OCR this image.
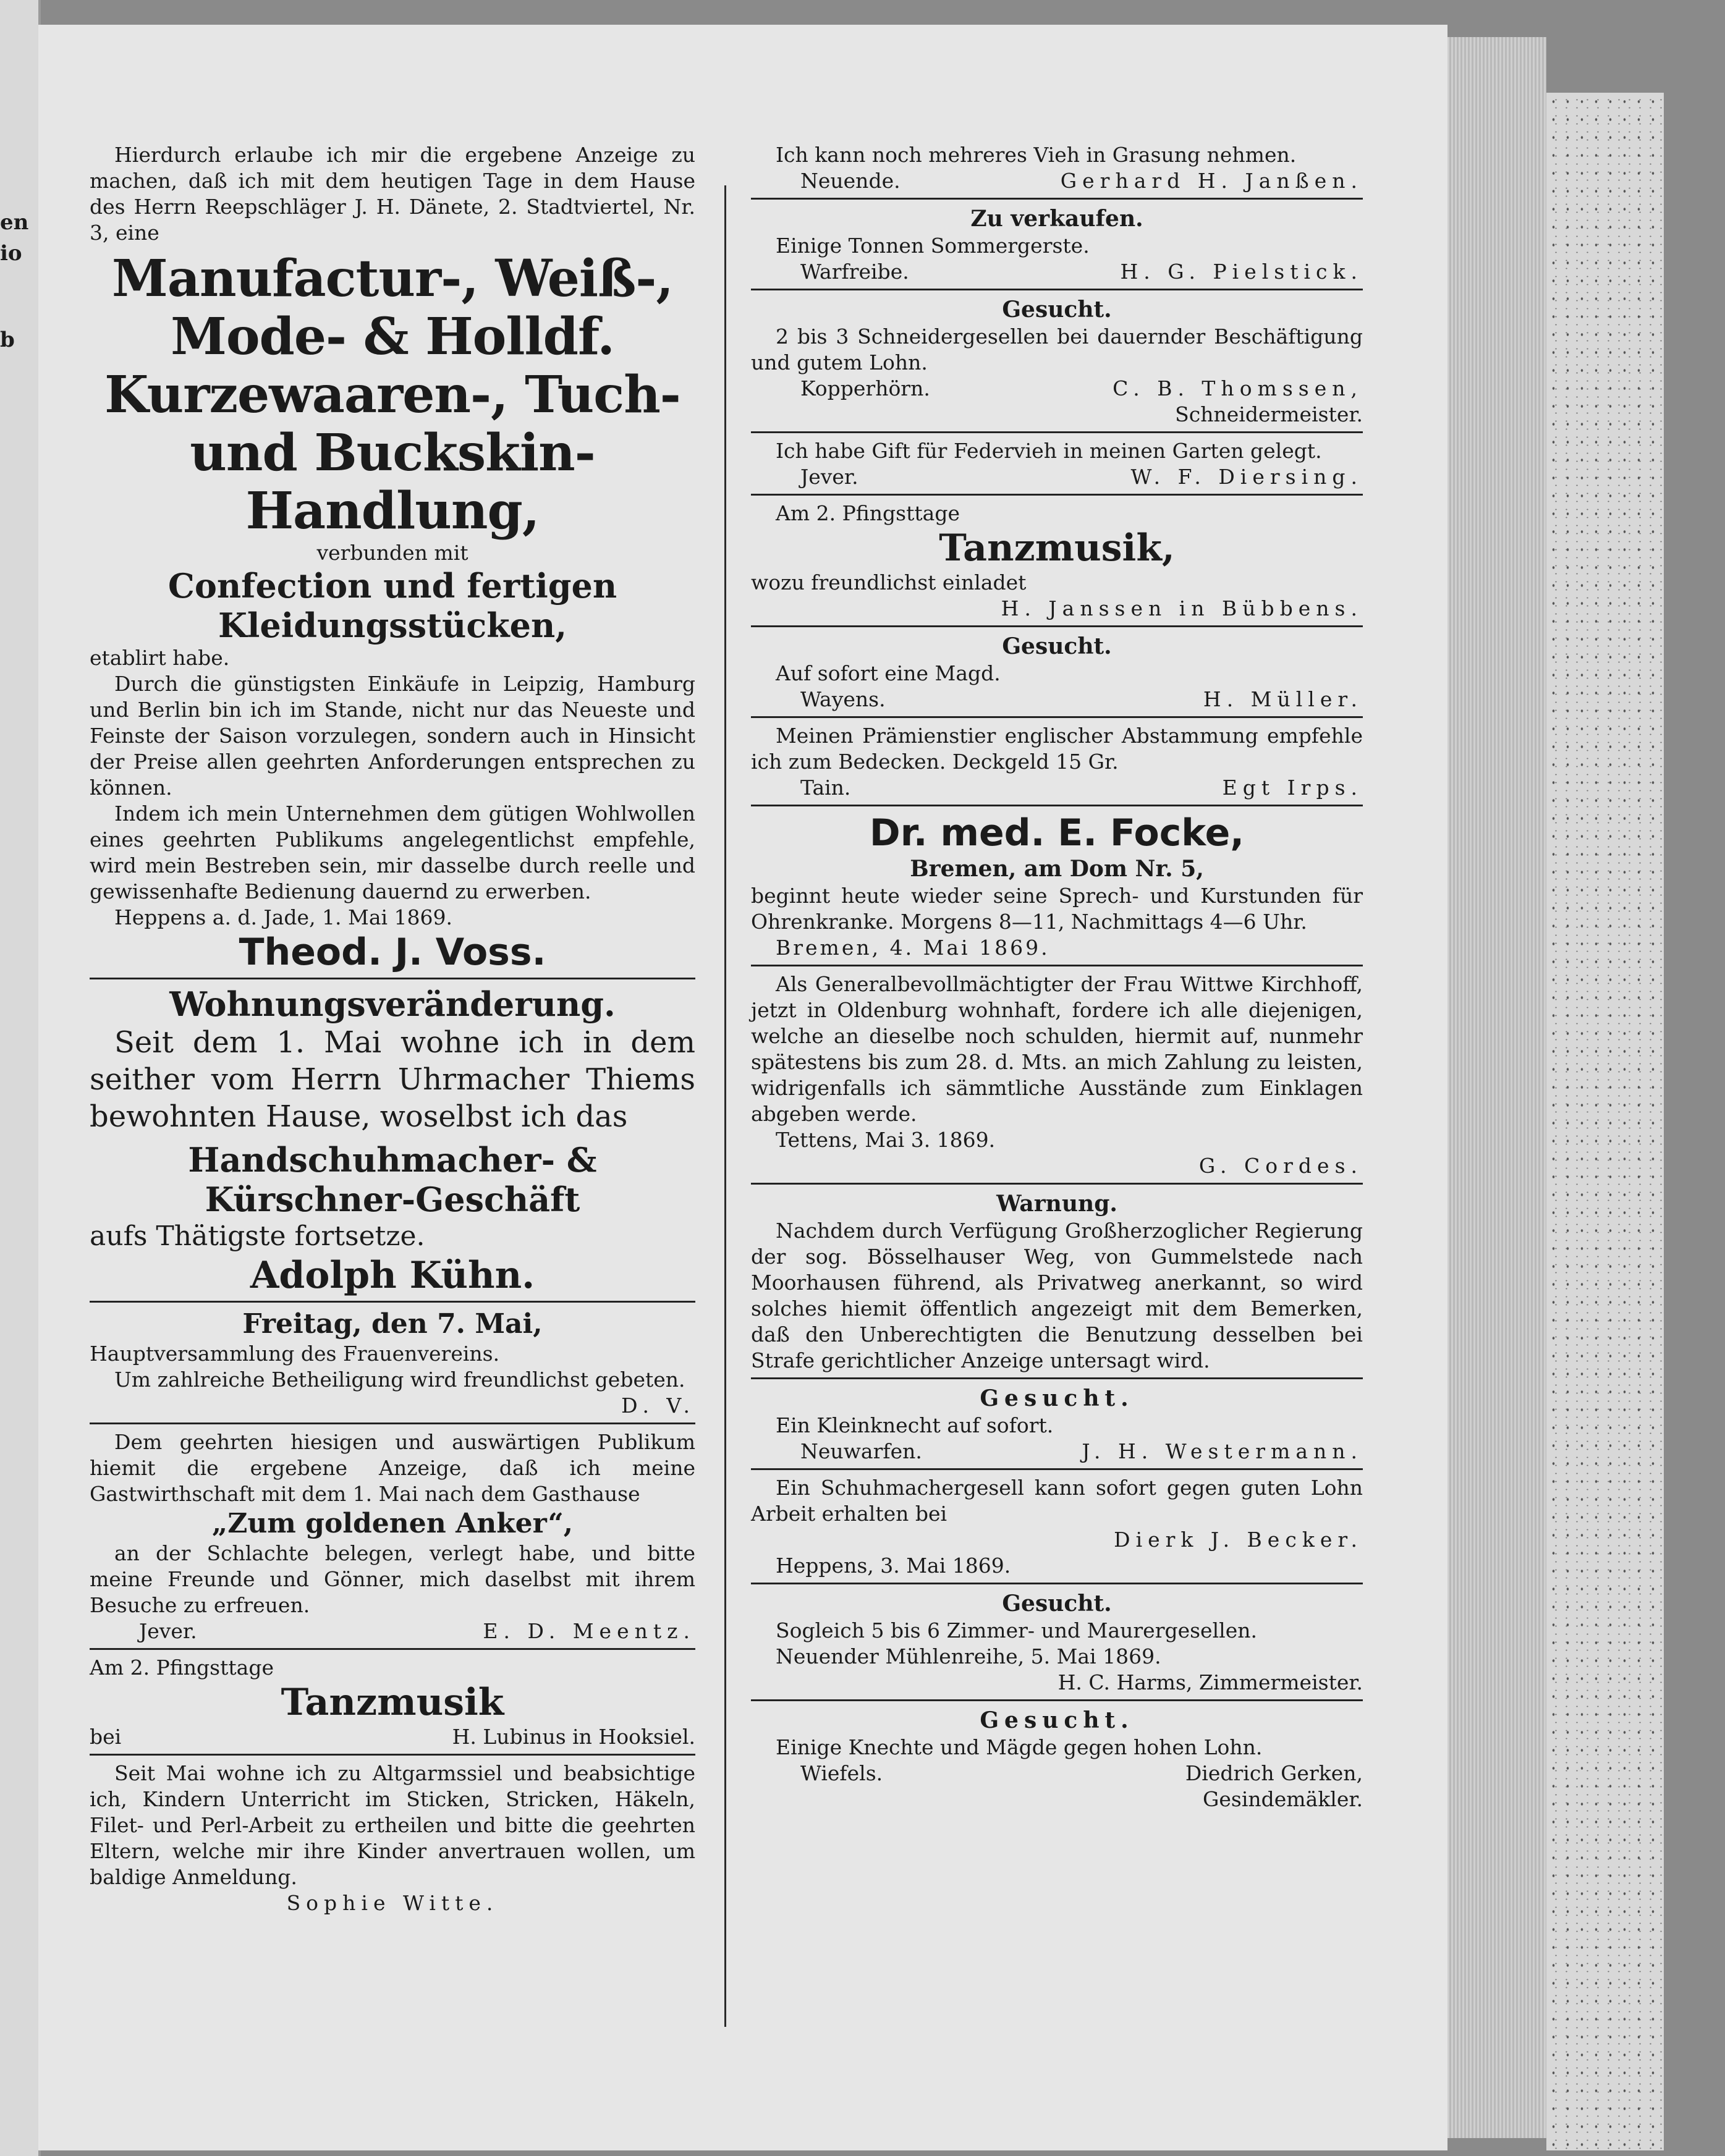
en
io
b

Hierdurch erlaube ich mir die ergebene Anzeige zu machen, daß ich mit dem heutigen Tage in dem Hause des Herrn Reepschläger J. H. Dänete, 2. Stadtviertel, Nr. 3, eine

Manufactur-, Weiß-, Mode- & Holldf. Kurzewaaren-, Tuch- und Buckskin-Handlung,

verbunden mit

Confection und fertigen Kleidungsstücken,

etablirt habe.

Durch die günstigsten Einkäufe in Leipzig, Hamburg und Berlin bin ich im Stande, nicht nur das Neueste und Feinste der Saison vorzulegen, sondern auch in Hinsicht der Preise allen geehrten Anforderungen entsprechen zu können.

Indem ich mein Unternehmen dem gütigen Wohlwollen eines geehrten Publikums angelegentlichst empfehle, wird mein Bestreben sein, mir dasselbe durch reelle und gewissenhafte Bedienung dauernd zu erwerben.

Heppens a. d. Jade, 1. Mai 1869.

Theod. J. Voss.

Wohnungsveränderung.

Seit dem 1. Mai wohne ich in dem seither vom Herrn Uhrmacher Thiems bewohnten Hause, woselbst ich das

Handschuhmacher- & Kürschner-Geschäft

aufs Thätigste fortsetze.

Adolph Kühn.

Freitag, den 7. Mai,

Hauptversammlung des Frauenvereins.

Um zahlreiche Betheiligung wird freundlichst gebeten.

D. V.

Dem geehrten hiesigen und auswärtigen Publikum hiemit die ergebene Anzeige, daß ich meine Gastwirthschaft mit dem 1. Mai nach dem Gasthause

„Zum goldenen Anker“,

an der Schlachte belegen, verlegt habe, und bitte meine Freunde und Gönner, mich daselbst mit ihrem Besuche zu erfreuen.

Jever.	E. D. Meentz.

Am 2. Pfingsttage

Tanzmusik

bei	H. Lubinus in Hooksiel.

Seit Mai wohne ich zu Altgarmssiel und beabsichtige ich, Kindern Unterricht im Sticken, Stricken, Häkeln, Filet- und Perl-Arbeit zu ertheilen und bitte die geehrten Eltern, welche mir ihre Kinder anvertrauen wollen, um baldige Anmeldung.

Sophie Witte.

Ich kann noch mehreres Vieh in Grasung nehmen.

Neuende.	Gerhard H. Janßen.

Zu verkaufen.

Einige Tonnen Sommergerste.

Warfreibe.	H. G. Pielstick.

Gesucht.

2 bis 3 Schneidergesellen bei dauernder Beschäftigung und gutem Lohn.

Kopperhörn.	C. B. Thomssen,

Schneidermeister.

Ich habe Gift für Federvieh in meinen Garten gelegt.

Jever.	W. F. Diersing.

Am 2. Pfingsttage

Tanzmusik,

wozu freundlichst einladet

H. Janssen in Bübbens.

Gesucht.

Auf sofort eine Magd.

Wayens.	H. Müller.

Meinen Prämienstier englischer Abstammung empfehle ich zum Bedecken. Deckgeld 15 Gr.

Tain.	Egt Irps.

Dr. med. E. Focke,

Bremen, am Dom Nr. 5,

beginnt heute wieder seine Sprech- und Kurstunden für Ohrenkranke. Morgens 8—11, Nachmittags 4—6 Uhr.

Bremen, 4. Mai 1869.

Als Generalbevollmächtigter der Frau Wittwe Kirchhoff, jetzt in Oldenburg wohnhaft, fordere ich alle diejenigen, welche an dieselbe noch schulden, hiermit auf, nunmehr spätestens bis zum 28. d. Mts. an mich Zahlung zu leisten, widrigenfalls ich sämmtliche Ausstände zum Einklagen abgeben werde.

Tettens, Mai 3. 1869.

G. Cordes.

Warnung.

Nachdem durch Verfügung Großherzoglicher Regierung der sog. Bösselhauser Weg, von Gummelstede nach Moorhausen führend, als Privatweg anerkannt, so wird solches hiemit öffentlich angezeigt mit dem Bemerken, daß den Unberechtigten die Benutzung desselben bei Strafe gerichtlicher Anzeige untersagt wird.

Gesucht.

Ein Kleinknecht auf sofort.

Neuwarfen.	J. H. Westermann.

Ein Schuhmachergesell kann sofort gegen guten Lohn Arbeit erhalten bei

Dierk J. Becker.

Heppens, 3. Mai 1869.

Gesucht.

Sogleich 5 bis 6 Zimmer- und Maurergesellen.

Neuender Mühlenreihe, 5. Mai 1869.

H. C. Harms, Zimmermeister.

Gesucht.

Einige Knechte und Mägde gegen hohen Lohn.

Wiefels.	Diedrich Gerken,

Gesindemäkler.
